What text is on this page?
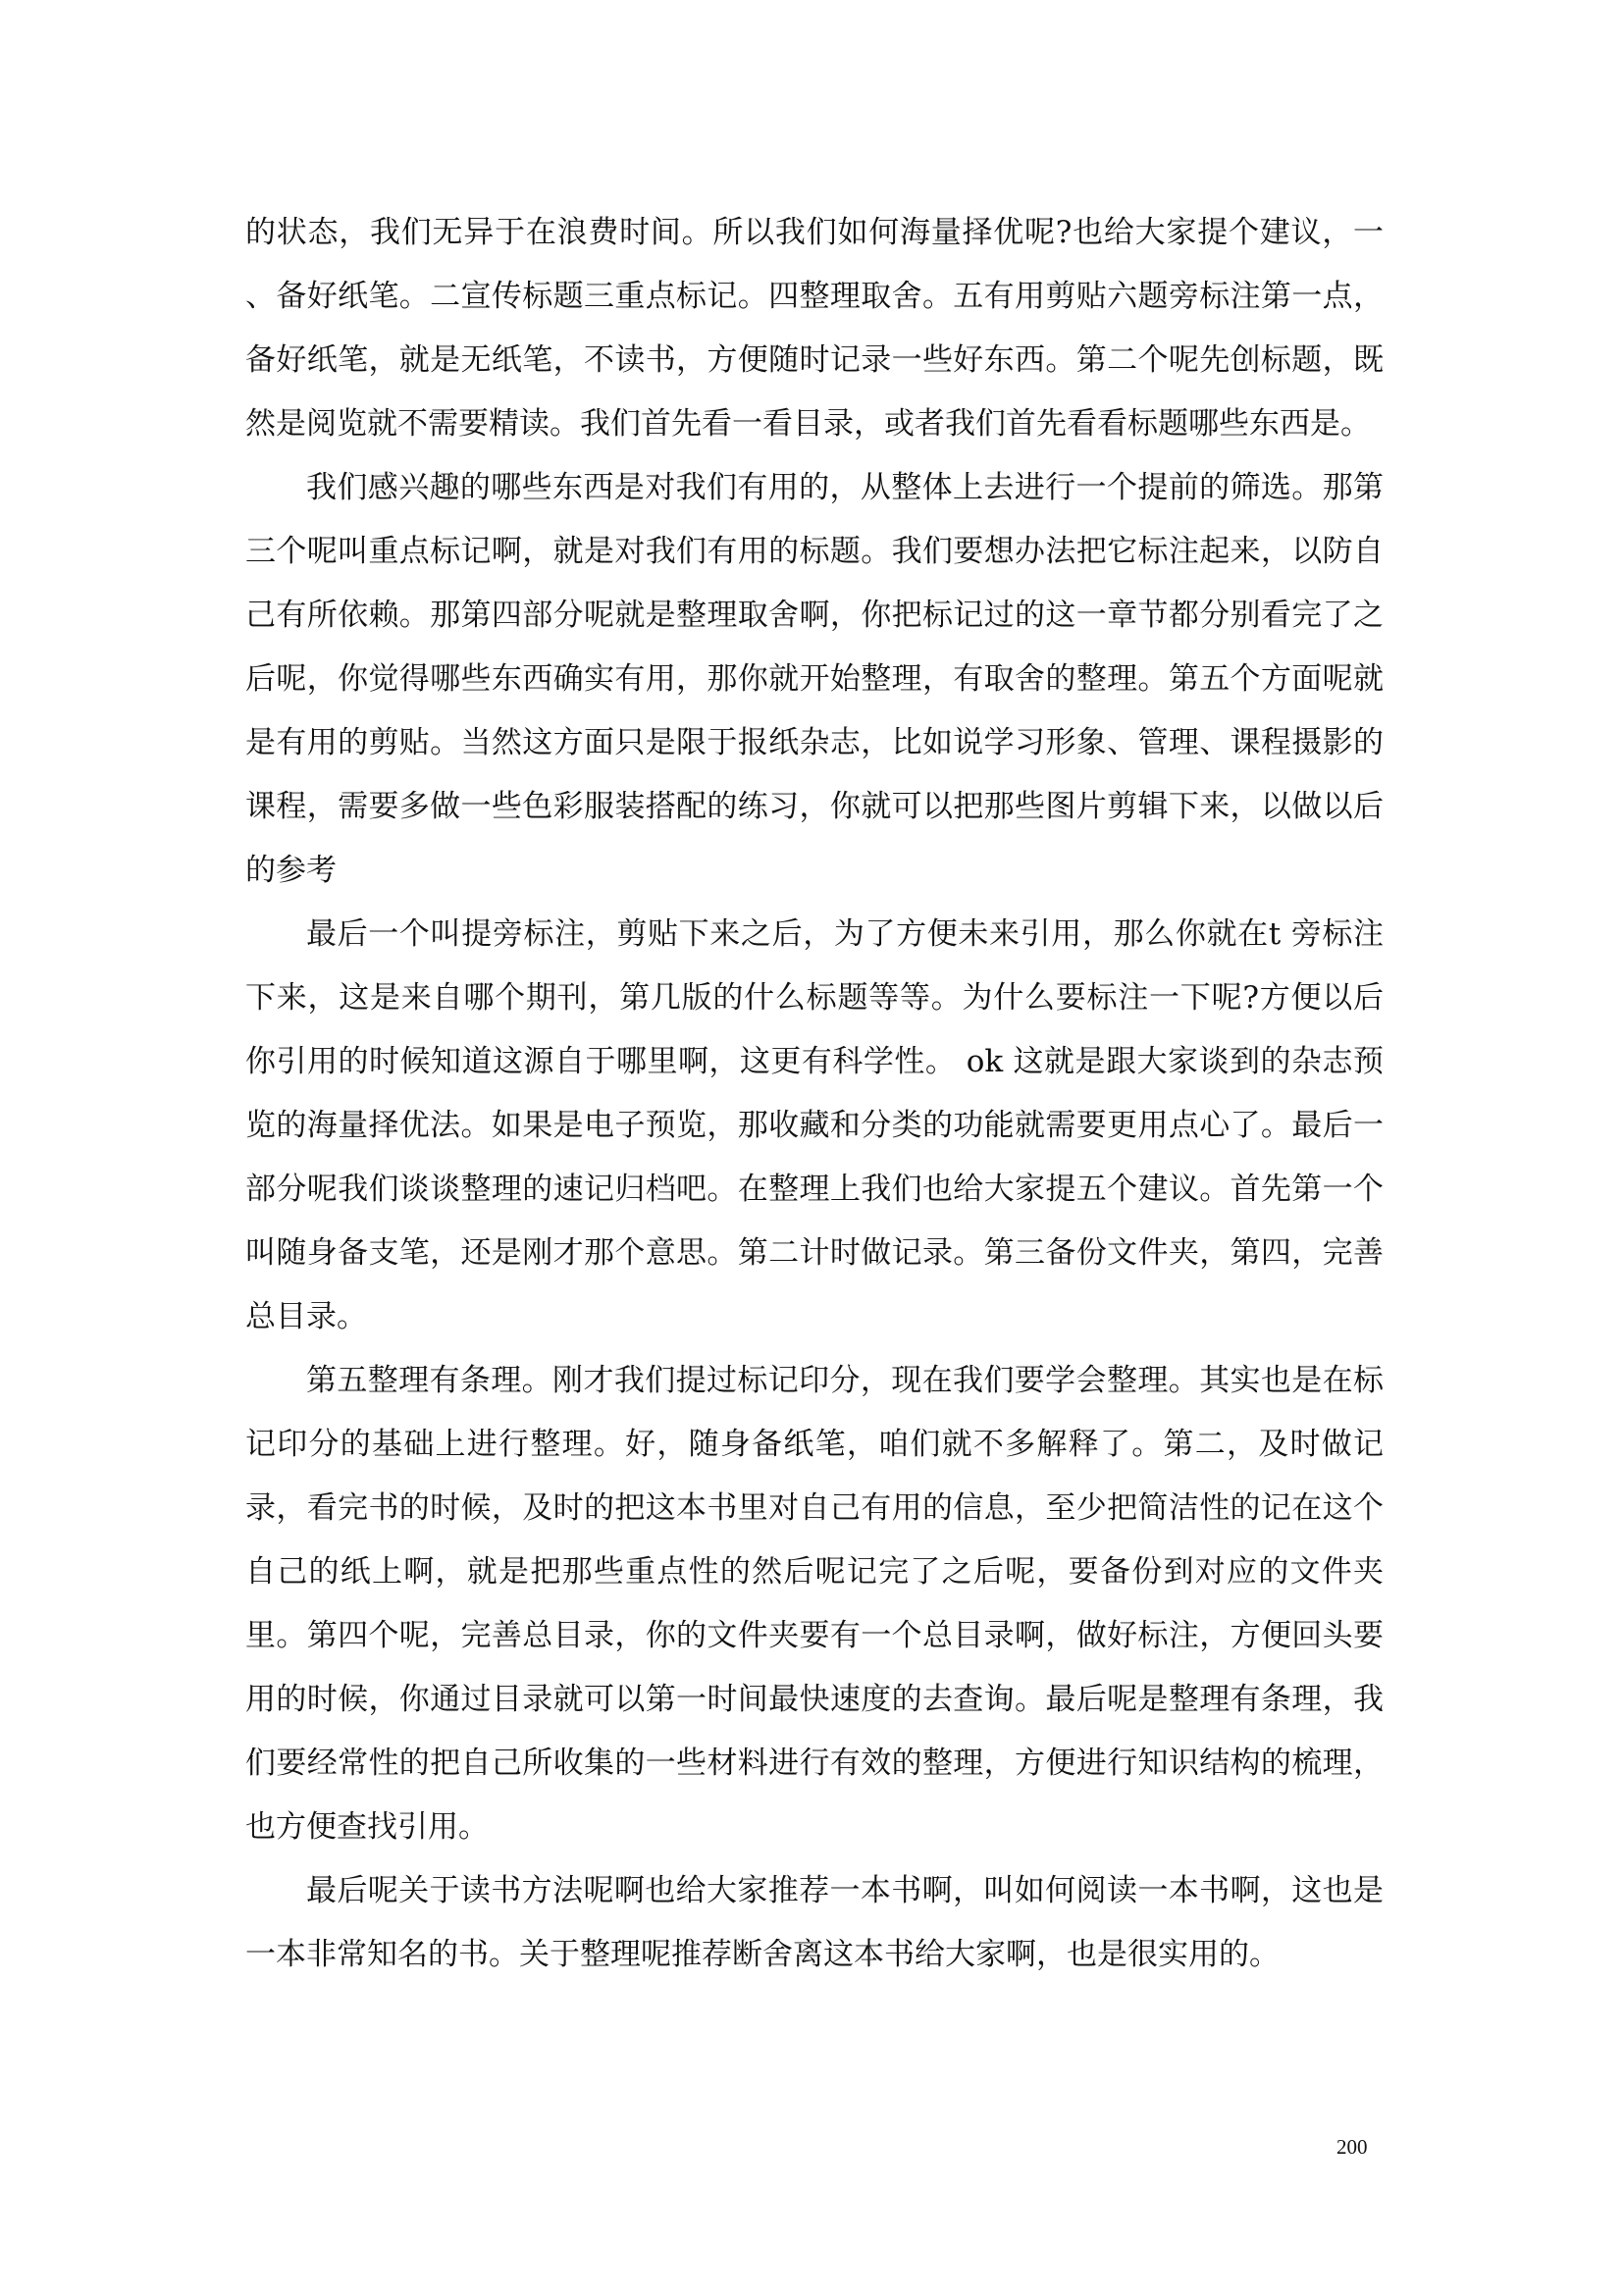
的状态，我们无异于在浪费时间。所以我们如何海量择优呢?也给大家提个建议，一 、备好纸笔。二宣传标题三重点标记。四整理取舍。五有用剪贴六题旁标注第一点，备好纸笔，就是无纸笔，不读书，方便随时记录一些好东西。第二个呢先创标题，既然是阅览就不需要精读。我们首先看一看目录，或者我们首先看看标题哪些东西是。

我们感兴趣的哪些东西是对我们有用的，从整体上去进行一个提前的筛选。那第三个呢叫重点标记啊，就是对我们有用的标题。我们要想办法把它标注起来，以防自己有所依赖。那第四部分呢就是整理取舍啊，你把标记过的这一章节都分别看完了之后呢，你觉得哪些东西确实有用，那你就开始整理，有取舍的整理。第五个方面呢就是有用的剪贴。当然这方面只是限于报纸杂志，比如说学习形象、管理、课程摄影的课程，需要多做一些色彩服装搭配的练习，你就可以把那些图片剪辑下来，以做以后的参考

最后一个叫提旁标注，剪贴下来之后，为了方便未来引用，那么你就在t 旁标注下来，这是来自哪个期刊，第几版的什么标题等等。为什么要标注一下呢?方便以后你引用的时候知道这源自于哪里啊，这更有科学性。 ok 这就是跟大家谈到的杂志预览的海量择优法。如果是电子预览，那收藏和分类的功能就需要更用点心了。最后一部分呢我们谈谈整理的速记归档吧。在整理上我们也给大家提五个建议。首先第一个叫随身备支笔，还是刚才那个意思。第二计时做记录。第三备份文件夹，第四，完善总目录。

第五整理有条理。刚才我们提过标记印分，现在我们要学会整理。其实也是在标记印分的基础上进行整理。好，随身备纸笔，咱们就不多解释了。第二，及时做记录，看完书的时候，及时的把这本书里对自己有用的信息，至少把简洁性的记在这个自己的纸上啊，就是把那些重点性的然后呢记完了之后呢，要备份到对应的文件夹里。第四个呢，完善总目录，你的文件夹要有一个总目录啊，做好标注，方便回头要用的时候，你通过目录就可以第一时间最快速度的去查询。最后呢是整理有条理，我们要经常性的把自己所收集的一些材料进行有效的整理，方便进行知识结构的梳理，也方便查找引用。

最后呢关于读书方法呢啊也给大家推荐一本书啊，叫如何阅读一本书啊，这也是一本非常知名的书。关于整理呢推荐断舍离这本书给大家啊，也是很实用的。

200
